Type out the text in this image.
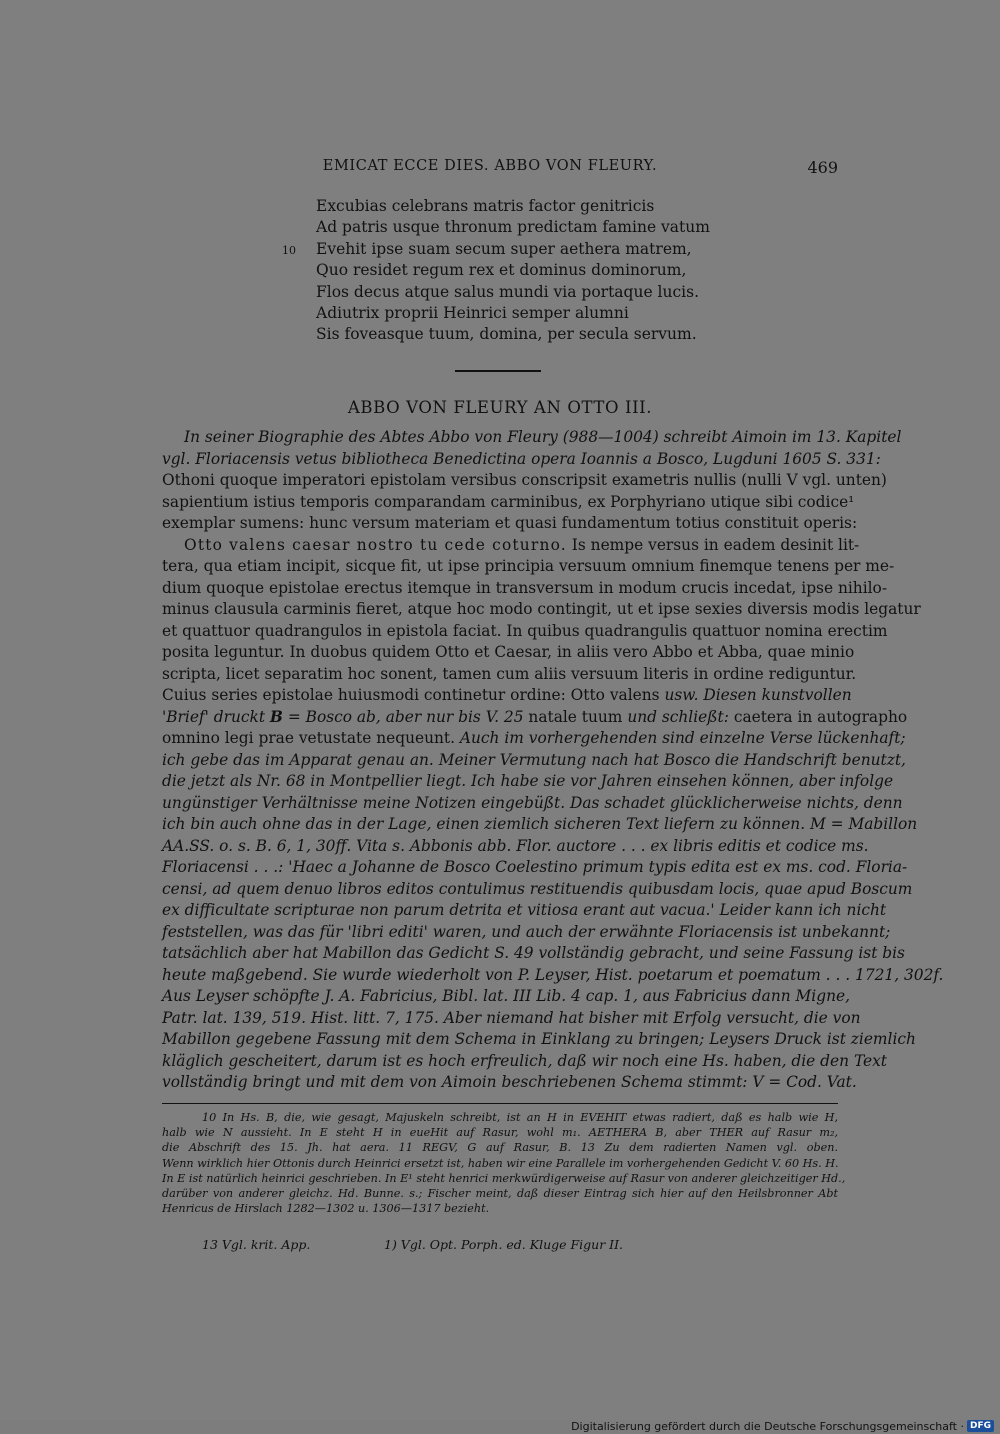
EMICAT ECCE DIES. ABBO VON FLEURY.	469
Excubias celebrans matris factor genitricis
Ad patris usque thronum predictam famine vatum
10 Evehit ipse suam secum super aethera matrem,
Quo residet regum rex et dominus dominorum,
Flos decus atque salus mundi via portaque lucis.
Adiutrix proprii Heinrici semper alumni
Sis foveasque tuum, domina, per secula servum.
ABBO VON FLEURY AN OTTO III.
In seiner Biographie des Abtes Abbo von Fleury (988—1004) schreibt Aimoin im 13. Kapitel
vgl. Floriacensis vetus bibliotheca Benedictina opera Ioannis a Bosco, Lugduni 1605 S. 331:
Othoni quoque imperatori epistolam versibus conscripsit exametris nullis (nulli V vgl. unten)
sapientium istius temporis comparandam carminibus, ex Porphyriano utique sibi codice¹
exemplar sumens: hunc versum materiam et quasi fundamentum totius constituit operis:
Otto valens caesar nostro tu cede coturno. Is nempe versus in eadem desinit lit-
tera, qua etiam incipit, sicque fit, ut ipse principia versuum omnium finemque tenens per me-
dium quoque epistolae erectus itemque in transversum in modum crucis incedat, ipse nihilo-
minus clausula carminis fieret, atque hoc modo contingit, ut et ipse sexies diversis modis legatur
et quattuor quadrangulos in epistola faciat. In quibus quadrangulis quattuor nomina erectim
posita leguntur. In duobus quidem Otto et Caesar, in aliis vero Abbo et Abba, quae minio
scripta, licet separatim hoc sonent, tamen cum aliis versuum literis in ordine rediguntur.
Cuius series epistolae huiusmodi continetur ordine: Otto valens usw. Diesen kunstvollen
'Brief' druckt B = Bosco ab, aber nur bis V. 25 natale tuum und schließt: caetera in autographo
omnino legi prae vetustate nequeunt. Auch im vorhergehenden sind einzelne Verse lückenhaft;
ich gebe das im Apparat genau an. Meiner Vermutung nach hat Bosco die Handschrift benutzt,
die jetzt als Nr. 68 in Montpellier liegt. Ich habe sie vor Jahren einsehen können, aber infolge
ungünstiger Verhältnisse meine Notizen eingebüßt. Das schadet glücklicherweise nichts, denn
ich bin auch ohne das in der Lage, einen ziemlich sicheren Text liefern zu können. M = Mabillon
AA.SS. o. s. B. 6, 1, 30ff. Vita s. Abbonis abb. Flor. auctore . . . ex libris editis et codice ms.
Floriacensi . . .: 'Haec a Johanne de Bosco Coelestino primum typis edita est ex ms. cod. Floria-
censi, ad quem denuo libros editos contulimus restituendis quibusdam locis, quae apud Boscum
ex difficultate scripturae non parum detrita et vitiosa erant aut vacua.' Leider kann ich nicht
feststellen, was das für 'libri editi' waren, und auch der erwähnte Floriacensis ist unbekannt;
tatsächlich aber hat Mabillon das Gedicht S. 49 vollständig gebracht, und seine Fassung ist bis
heute maßgebend. Sie wurde wiederholt von P. Leyser, Hist. poetarum et poematum . . . 1721, 302f.
Aus Leyser schöpfte J. A. Fabricius, Bibl. lat. III Lib. 4 cap. 1, aus Fabricius dann Migne,
Patr. lat. 139, 519. Hist. litt. 7, 175. Aber niemand hat bisher mit Erfolg versucht, die von
Mabillon gegebene Fassung mit dem Schema in Einklang zu bringen; Leysers Druck ist ziemlich
kläglich gescheitert, darum ist es hoch erfreulich, daß wir noch eine Hs. haben, die den Text
vollständig bringt und mit dem von Aimoin beschriebenen Schema stimmt: V = Cod. Vat.
10 In Hs. B, die, wie gesagt, Majuskeln schreibt, ist an H in EVEHIT etwas radiert, daß es halb wie H,
halb wie N aussieht. In E steht H in eueHit auf Rasur, wohl m₁. AETHERA B, aber THER auf Rasur m₂,
die Abschrift des 15. Jh. hat aera. 11 REGV, G auf Rasur, B. 13 Zu dem radierten Namen vgl. oben.
Wenn wirklich hier Ottonis durch Heinrici ersetzt ist, haben wir eine Parallele im vorhergehenden Gedicht V. 60 Hs. H.
In E ist natürlich heinrici geschrieben. In E¹ steht henrici merkwürdigerweise auf Rasur von anderer gleichzeitiger Hd.,
darüber von anderer gleichz. Hd. Bunne. s.; Fischer meint, daß dieser Eintrag sich hier auf den Heilsbronner Abt
Henricus de Hirslach 1282—1302 u. 1306—1317 bezieht.
13 Vgl. krit. App.	1) Vgl. Opt. Porph. ed. Kluge Figur II.
Digitalisierung gefördert durch die Deutsche Forschungsgemeinschaft · DFG
